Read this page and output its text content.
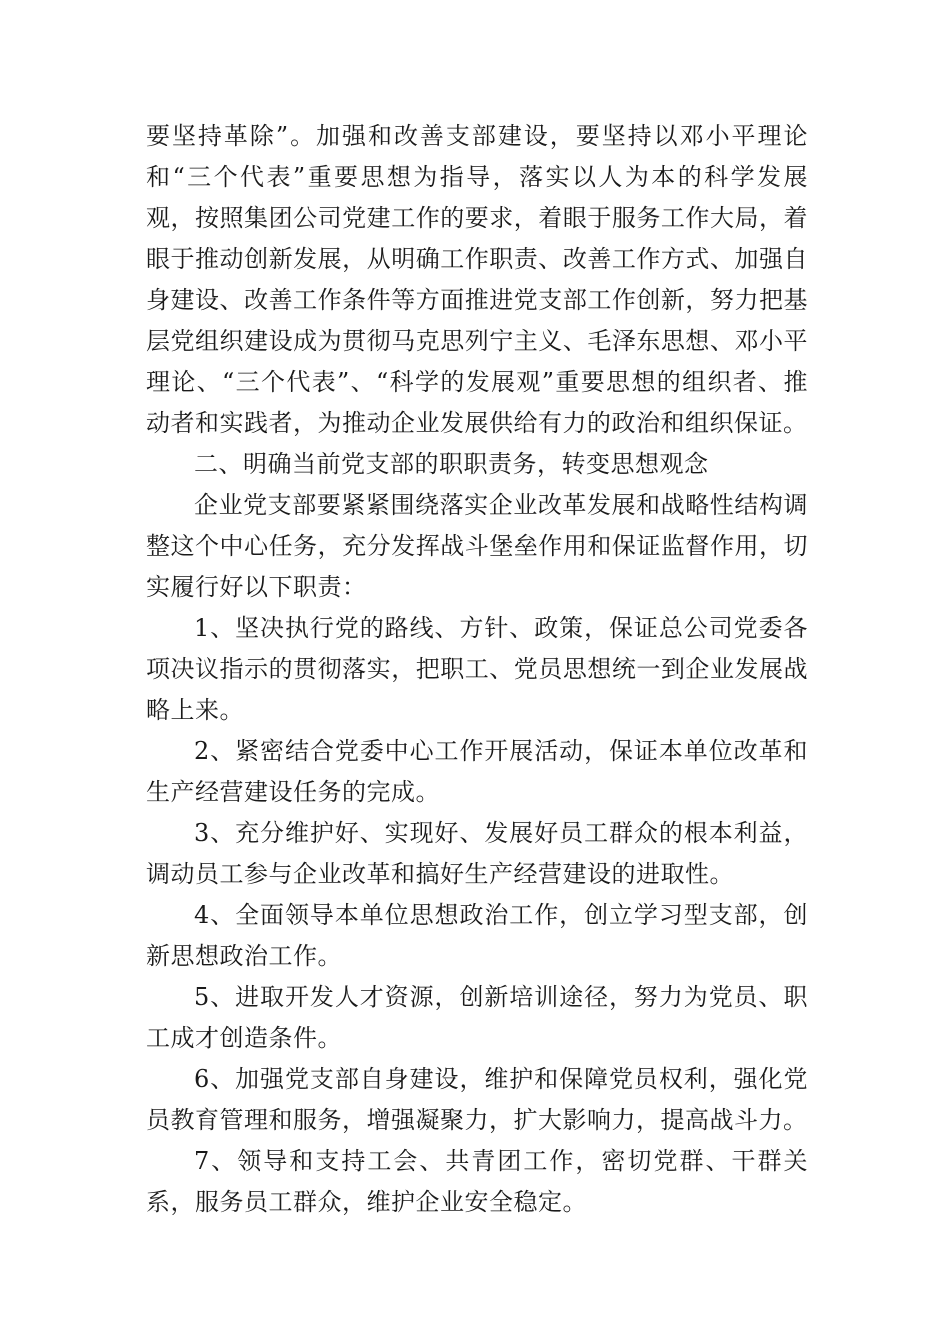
要坚持革除”。加强和改善支部建设，要坚持以邓小平理论和“三个代表”重要思想为指导，落实以人为本的科学发展观，按照集团公司党建工作的要求，着眼于服务工作大局，着眼于推动创新发展，从明确工作职责、改善工作方式、加强自身建设、改善工作条件等方面推进党支部工作创新，努力把基层党组织建设成为贯彻马克思列宁主义、毛泽东思想、邓小平理论、“三个代表”、“科学的发展观”重要思想的组织者、推动者和实践者，为推动企业发展供给有力的政治和组织保证。

二、明确当前党支部的职职责务，转变思想观念

企业党支部要紧紧围绕落实企业改革发展和战略性结构调整这个中心任务，充分发挥战斗堡垒作用和保证监督作用，切实履行好以下职责：

1、坚决执行党的路线、方针、政策，保证总公司党委各项决议指示的贯彻落实，把职工、党员思想统一到企业发展战略上来。

2、紧密结合党委中心工作开展活动，保证本单位改革和生产经营建设任务的完成。

3、充分维护好、实现好、发展好员工群众的根本利益，调动员工参与企业改革和搞好生产经营建设的进取性。

4、全面领导本单位思想政治工作，创立学习型支部，创新思想政治工作。

5、进取开发人才资源，创新培训途径，努力为党员、职工成才创造条件。

6、加强党支部自身建设，维护和保障党员权利，强化党员教育管理和服务，增强凝聚力，扩大影响力，提高战斗力。

7、领导和支持工会、共青团工作，密切党群、干群关系，服务员工群众，维护企业安全稳定。
